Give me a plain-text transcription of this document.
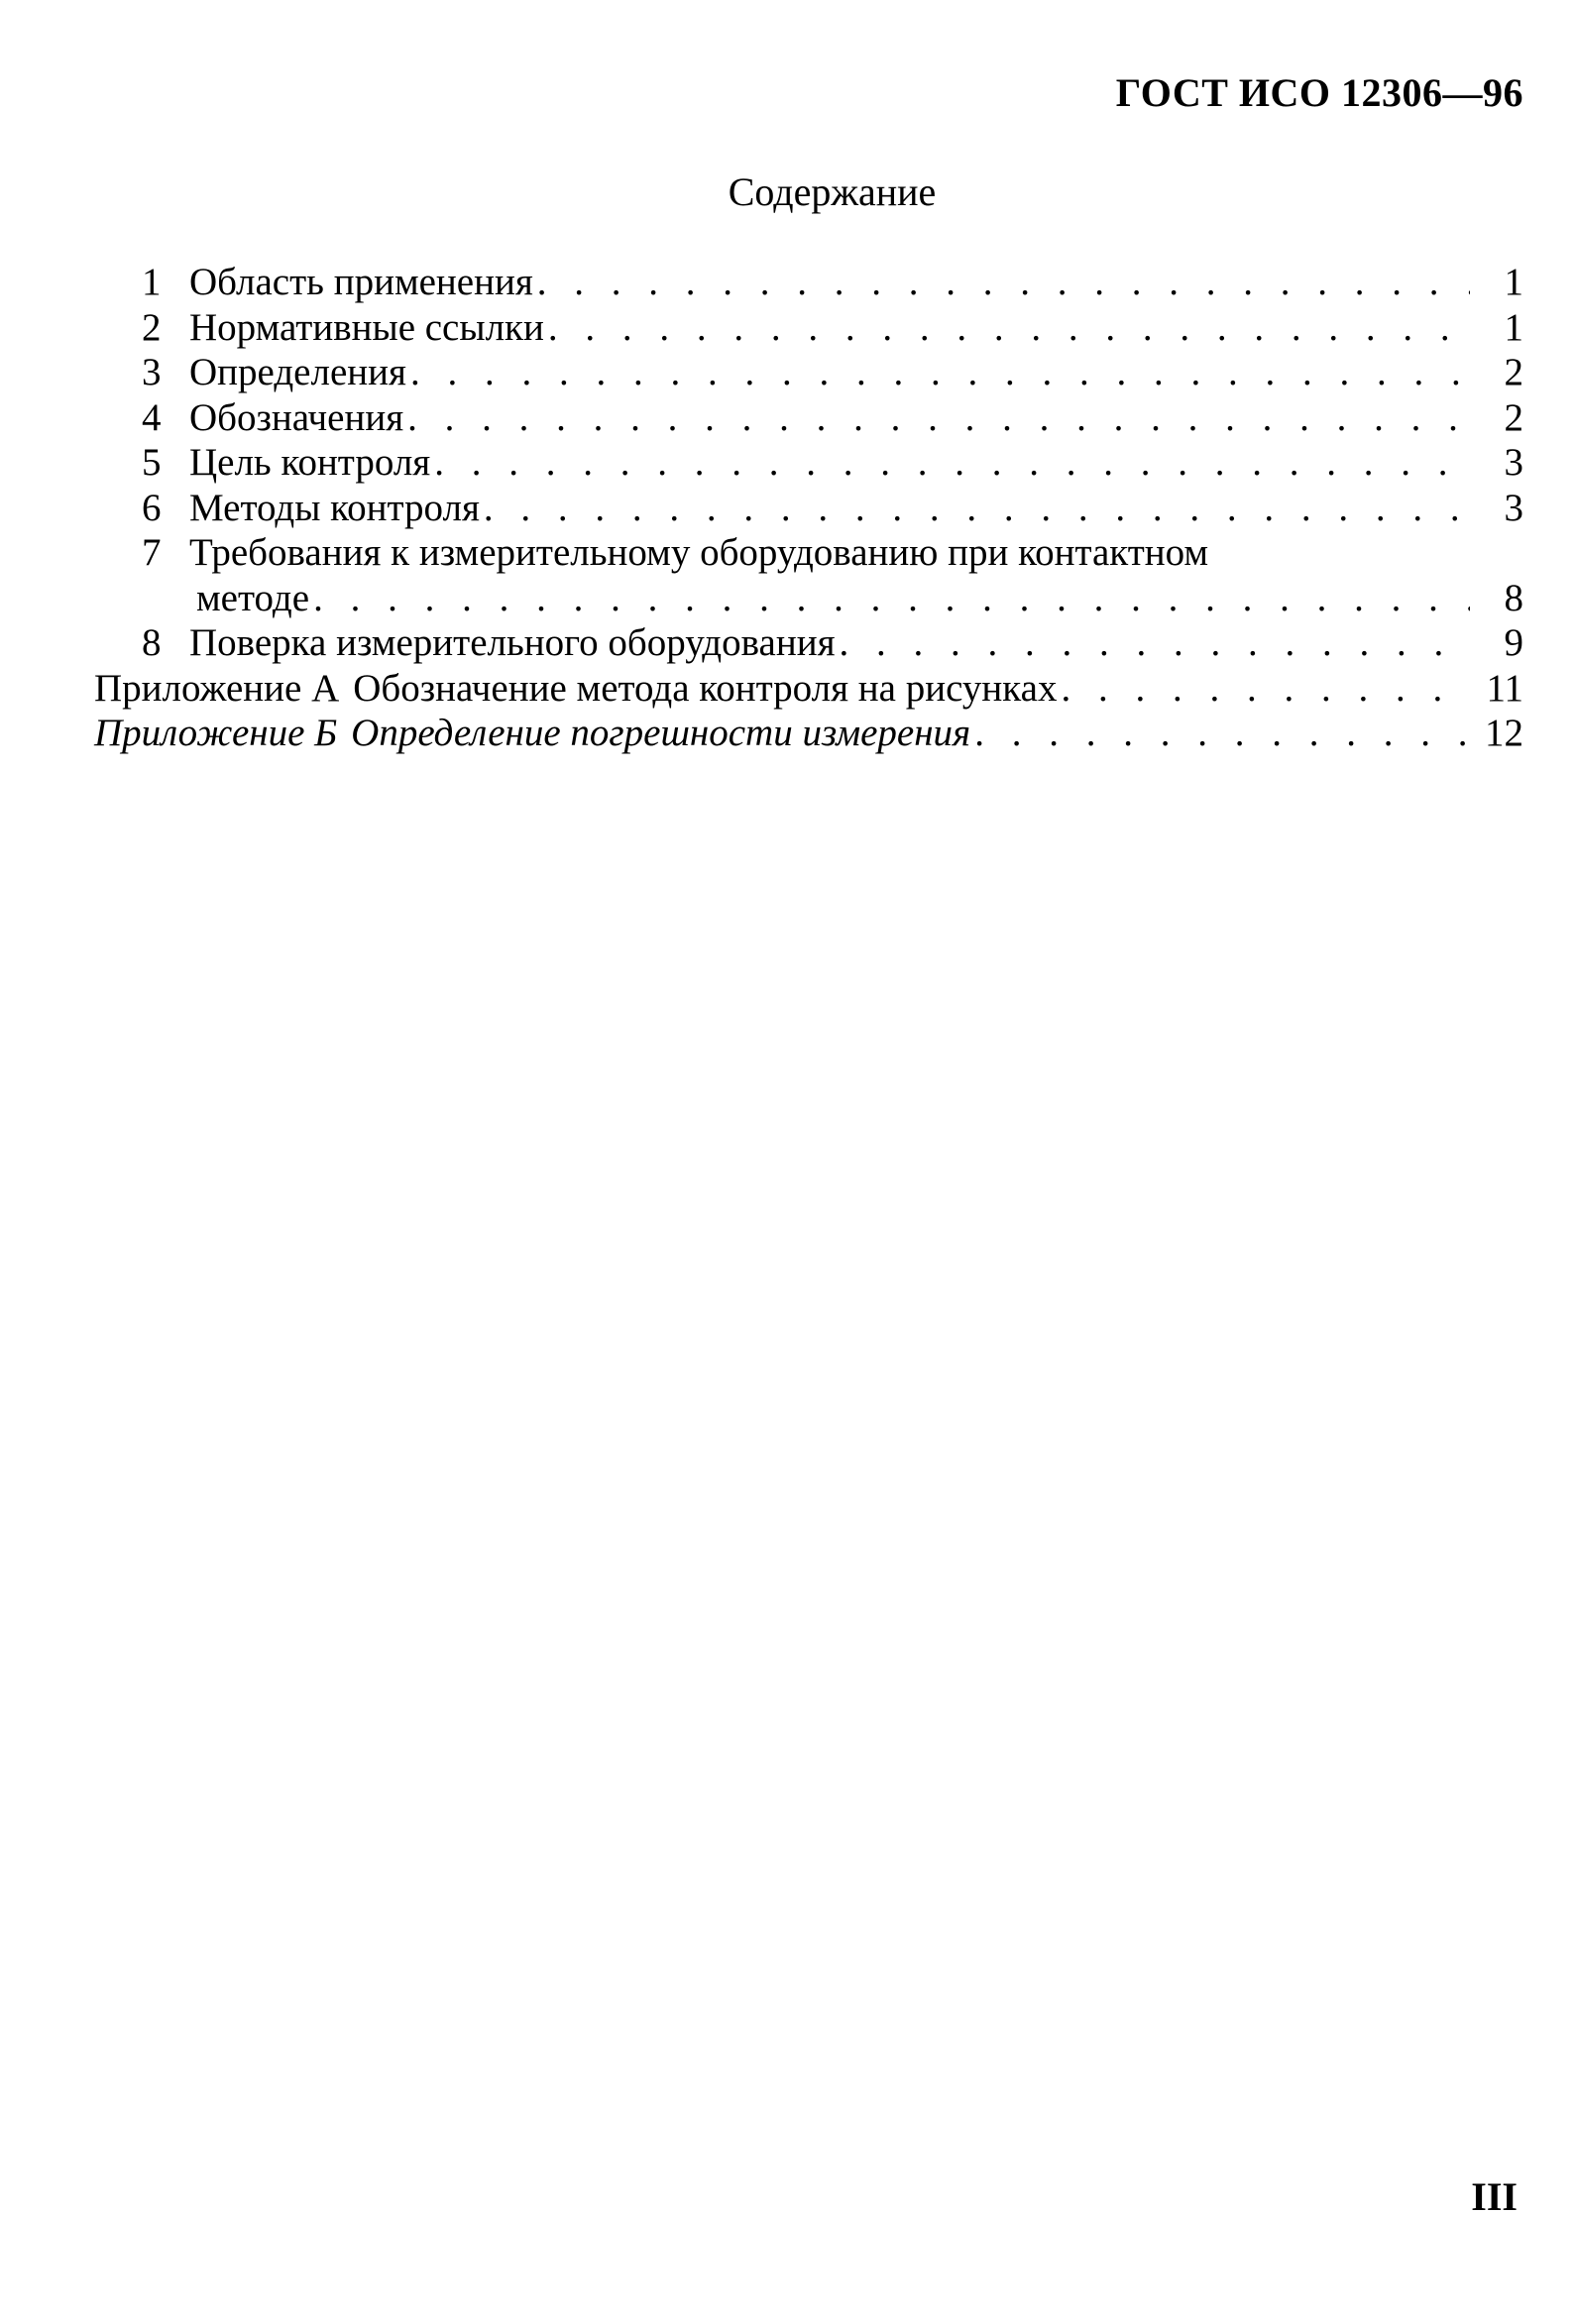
ГОСТ ИСО 12306—96
Содержание
1 Область применения . . .	1
2 Нормативные ссылки . . .	1
3 Определения . . .	2
4 Обозначения . . .	2
5 Цель контроля . . .	3
6 Методы контроля . . .	3
7 Требования к измерительному оборудованию при контактном
методе . . .	8
8 Поверка измерительного оборудования . . .	9
Приложение А Обозначение метода контроля на рисунках . . .	11
Приложение Б Определение погрешности измерения . . .	12
III
